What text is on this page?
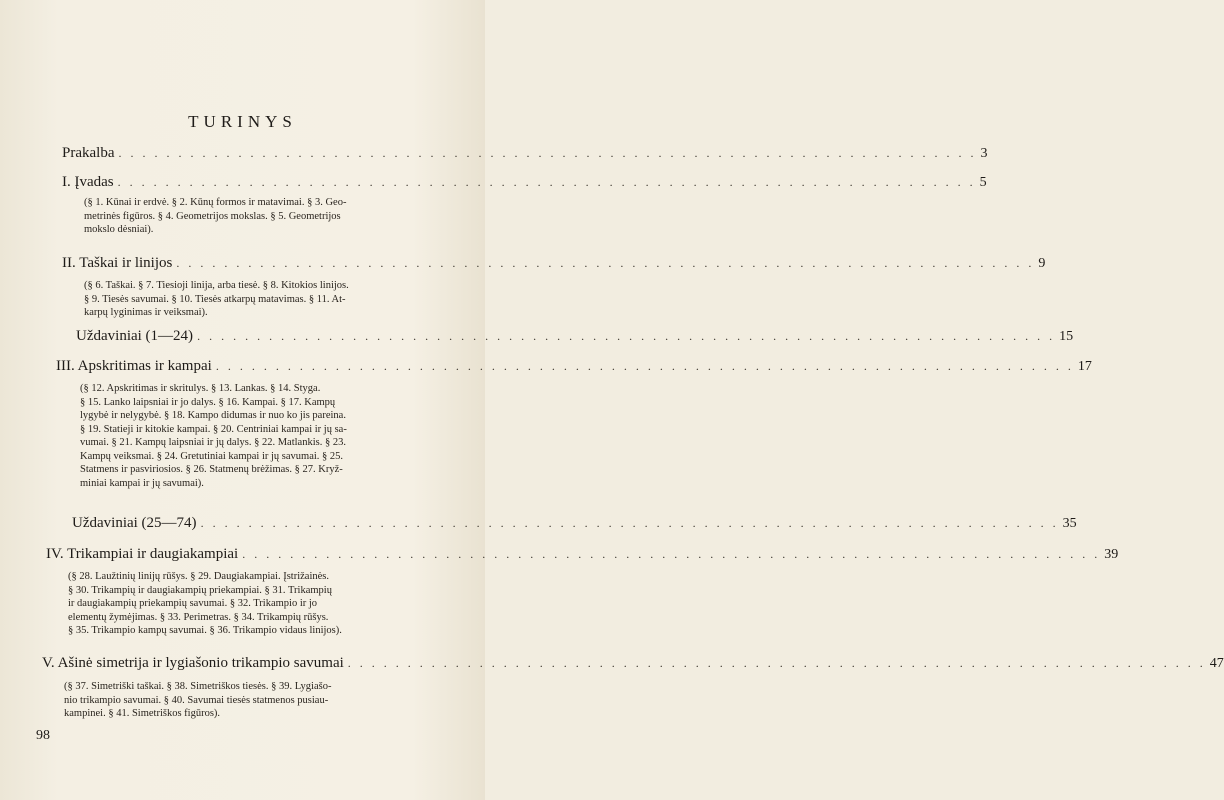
TURINYS
Prakalba . . .	3
I. Įvadas . . .	5
(§ 1. Kūnai ir erdvė. § 2. Kūnų formos ir matavimai. § 3. Geo-
metrinės figūros. § 4. Geometrijos mokslas. § 5. Geometrijos
mokslo dėsniai).
II. Taškai ir linijos . . .	9
(§ 6. Taškai. § 7. Tiesioji linija, arba tiesė. § 8. Kitokios linijos.
§ 9. Tiesės savumai. § 10. Tiesės atkarpų matavimas. § 11. At-
karpų lyginimas ir veiksmai).
Uždaviniai (1—24) . . .	15
III. Apskritimas ir kampai . . .	17
(§ 12. Apskritimas ir skritulys. § 13. Lankas. § 14. Styga.
§ 15. Lanko laipsniai ir jo dalys. § 16. Kampai. § 17. Kampų
lygybė ir nelygybė. § 18. Kampo didumas ir nuo ko jis pareina.
§ 19. Statieji ir kitokie kampai. § 20. Centriniai kampai ir jų sa-
vumai. § 21. Kampų laipsniai ir jų dalys. § 22. Matlankis. § 23.
Kampų veiksmai. § 24. Gretutiniai kampai ir jų savumai. § 25.
Statmens ir pasviriosios. § 26. Statmenų brėžimas. § 27. Kryž-
miniai kampai ir jų savumai).
Uždaviniai (25—74) . . .	35
IV. Trikampiai ir daugiakampiai . . .	39
(§ 28. Laužtinių linijų rūšys. § 29. Daugiakampiai. Įstrižainės.
§ 30. Trikampių ir daugiakampių priekampiai. § 31. Trikampių
ir daugiakampių priekampių savumai. § 32. Trikampio ir jo
elementų žymėjimas. § 33. Perimetras. § 34. Trikampių rūšys.
§ 35. Trikampio kampų savumai. § 36. Trikampio vidaus linijos).
V. Ašinė simetrija ir lygiašonio trikampio savumai . . .	47
(§ 37. Simetriški taškai. § 38. Simetriškos tiesės. § 39. Lygiašo-
nio trikampio savumai. § 40. Savumai tiesės statmenos pusiau-
kampinei. § 41. Simetriškos figūros).
98
